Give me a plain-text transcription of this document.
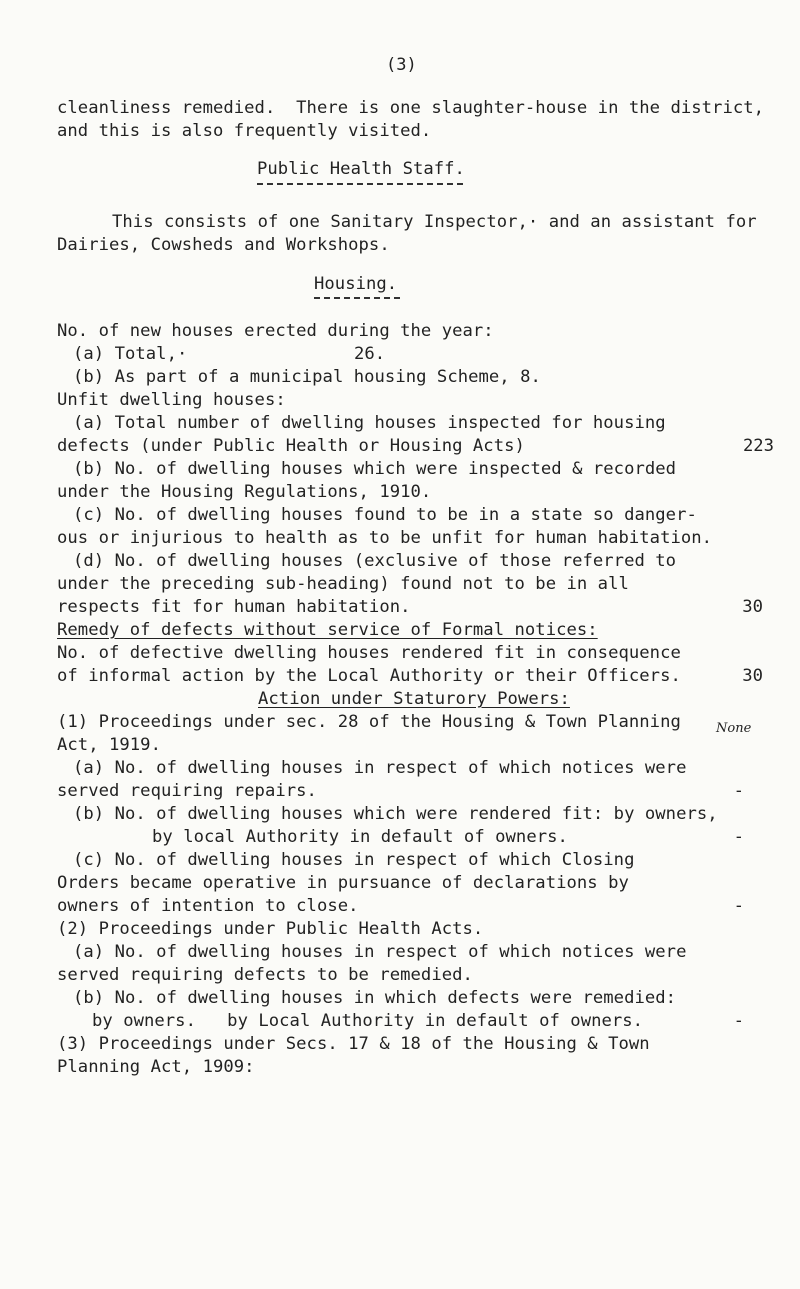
(3)
cleanliness remedied.  There is one slaughter-house in the district,
and this is also frequently visited.
Public Health Staff.
This consists of one Sanitary Inspector,· and an assistant for
Dairies, Cowsheds and Workshops.
Housing.
No. of new houses erected during the year:
(a) Total,·	26.
(b) As part of a municipal housing Scheme, 8.
Unfit dwelling houses:
(a) Total number of dwelling houses inspected for housing
defects (under Public Health or Housing Acts)	223
(b) No. of dwelling houses which were inspected & recorded
under the Housing Regulations, 1910.
(c) No. of dwelling houses found to be in a state so danger-
ous or injurious to health as to be unfit for human habitation.
(d) No. of dwelling houses (exclusive of those referred to
under the preceding sub-heading) found not to be in all
respects fit for human habitation.	30
Remedy of defects without service of Formal notices:
No. of defective dwelling houses rendered fit in consequence
of informal action by the Local Authority or their Officers.	30
Action under Staturory Powers:
(1) Proceedings under sec. 28 of the Housing & Town Planning	None
Act, 1919.
(a) No. of dwelling houses in respect of which notices were
served requiring repairs.	-
(b) No. of dwelling houses which were rendered fit: by owners,
by local Authority in default of owners.	-
(c) No. of dwelling houses in respect of which Closing
Orders became operative in pursuance of declarations by
owners of intention to close.	-
(2) Proceedings under Public Health Acts.
(a) No. of dwelling houses in respect of which notices were
served requiring defects to be remedied.
(b) No. of dwelling houses in which defects were remedied:
by owners.   by Local Authority in default of owners.	-
(3) Proceedings under Secs. 17 & 18 of the Housing & Town
Planning Act, 1909:
